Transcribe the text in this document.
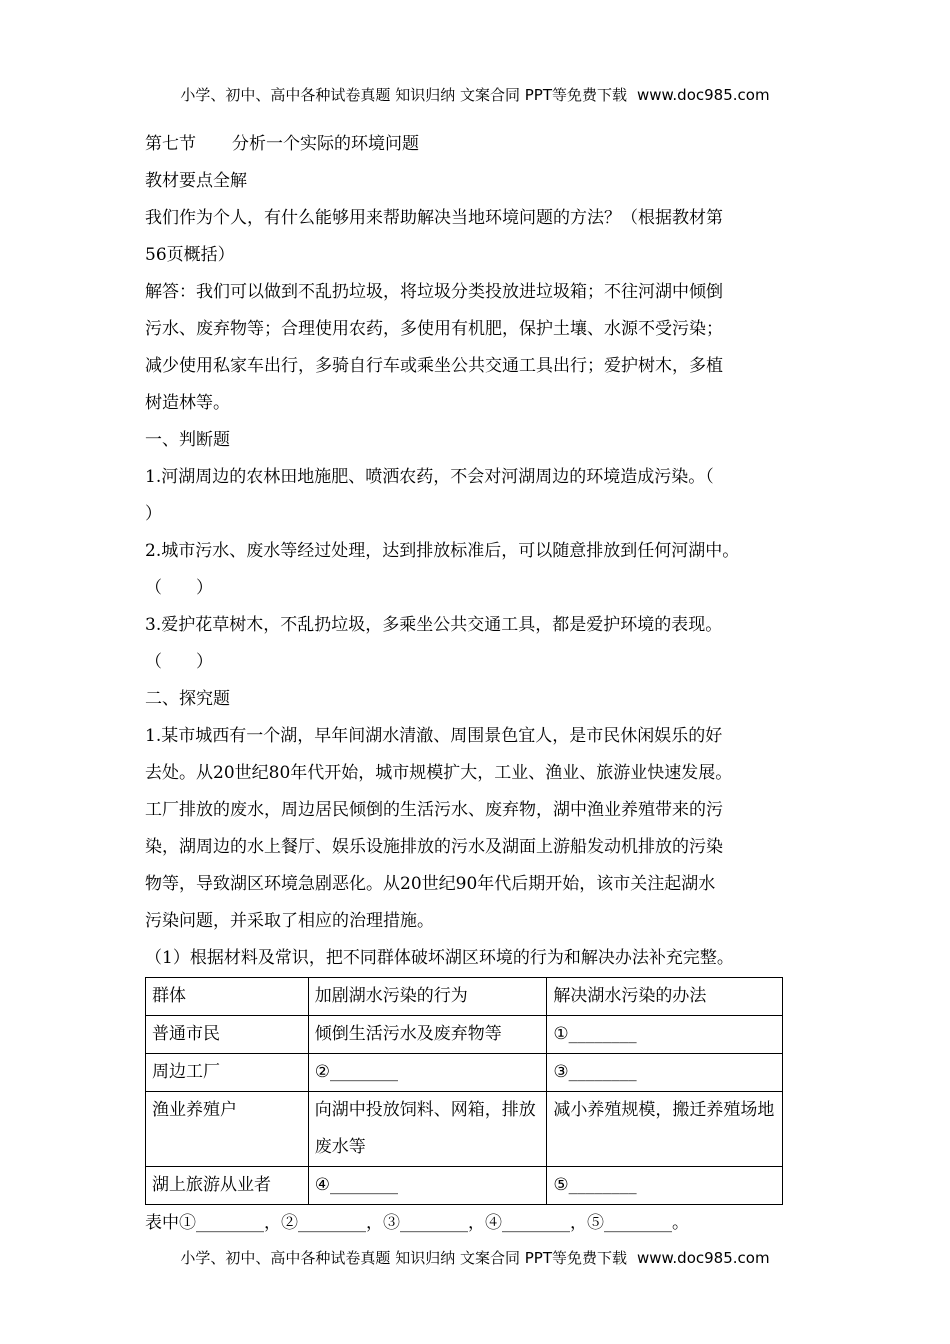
小学、初中、高中各种试卷真题 知识归纳 文案合同 PPT等免费下载 www.doc985.com
第七节 分析一个实际的环境问题
教材要点全解
我们作为个人，有什么能够用来帮助解决当地环境问题的方法？（根据教材第
56页概括）
解答：我们可以做到不乱扔垃圾，将垃圾分类投放进垃圾箱；不往河湖中倾倒
污水、废弃物等；合理使用农药，多使用有机肥，保护土壤、水源不受污染；
减少使用私家车出行，多骑自行车或乘坐公共交通工具出行；爱护树木，多植
树造林等。
一、判断题
1.河湖周边的农林田地施肥、喷洒农药，不会对河湖周边的环境造成污染。（
）
2.城市污水、废水等经过处理，达到排放标准后，可以随意排放到任何河湖中。
（　　）
3.爱护花草树木，不乱扔垃圾，多乘坐公共交通工具，都是爱护环境的表现。
（　　）
二、探究题
1.某市城西有一个湖，早年间湖水清澈、周围景色宜人，是市民休闲娱乐的好
去处。从20世纪80年代开始，城市规模扩大，工业、渔业、旅游业快速发展。
工厂排放的废水，周边居民倾倒的生活污水、废弃物，湖中渔业养殖带来的污
染，湖周边的水上餐厅、娱乐设施排放的污水及湖面上游船发动机排放的污染
物等，导致湖区环境急剧恶化。从20世纪90年代后期开始，该市关注起湖水
污染问题，并采取了相应的治理措施。
（1）根据材料及常识，把不同群体破坏湖区环境的行为和解决办法补充完整。
群体	加剧湖水污染的行为	解决湖水污染的办法
普通市民	倾倒生活污水及废弃物等	①________
周边工厂	②________	③________
渔业养殖户	向湖中投放饲料、网箱，排放废水等	减小养殖规模，搬迁养殖场地
湖上旅游从业者	④________	⑤________
表中①________，②________，③________，④________，⑤________。
小学、初中、高中各种试卷真题 知识归纳 文案合同 PPT等免费下载 www.doc985.com
